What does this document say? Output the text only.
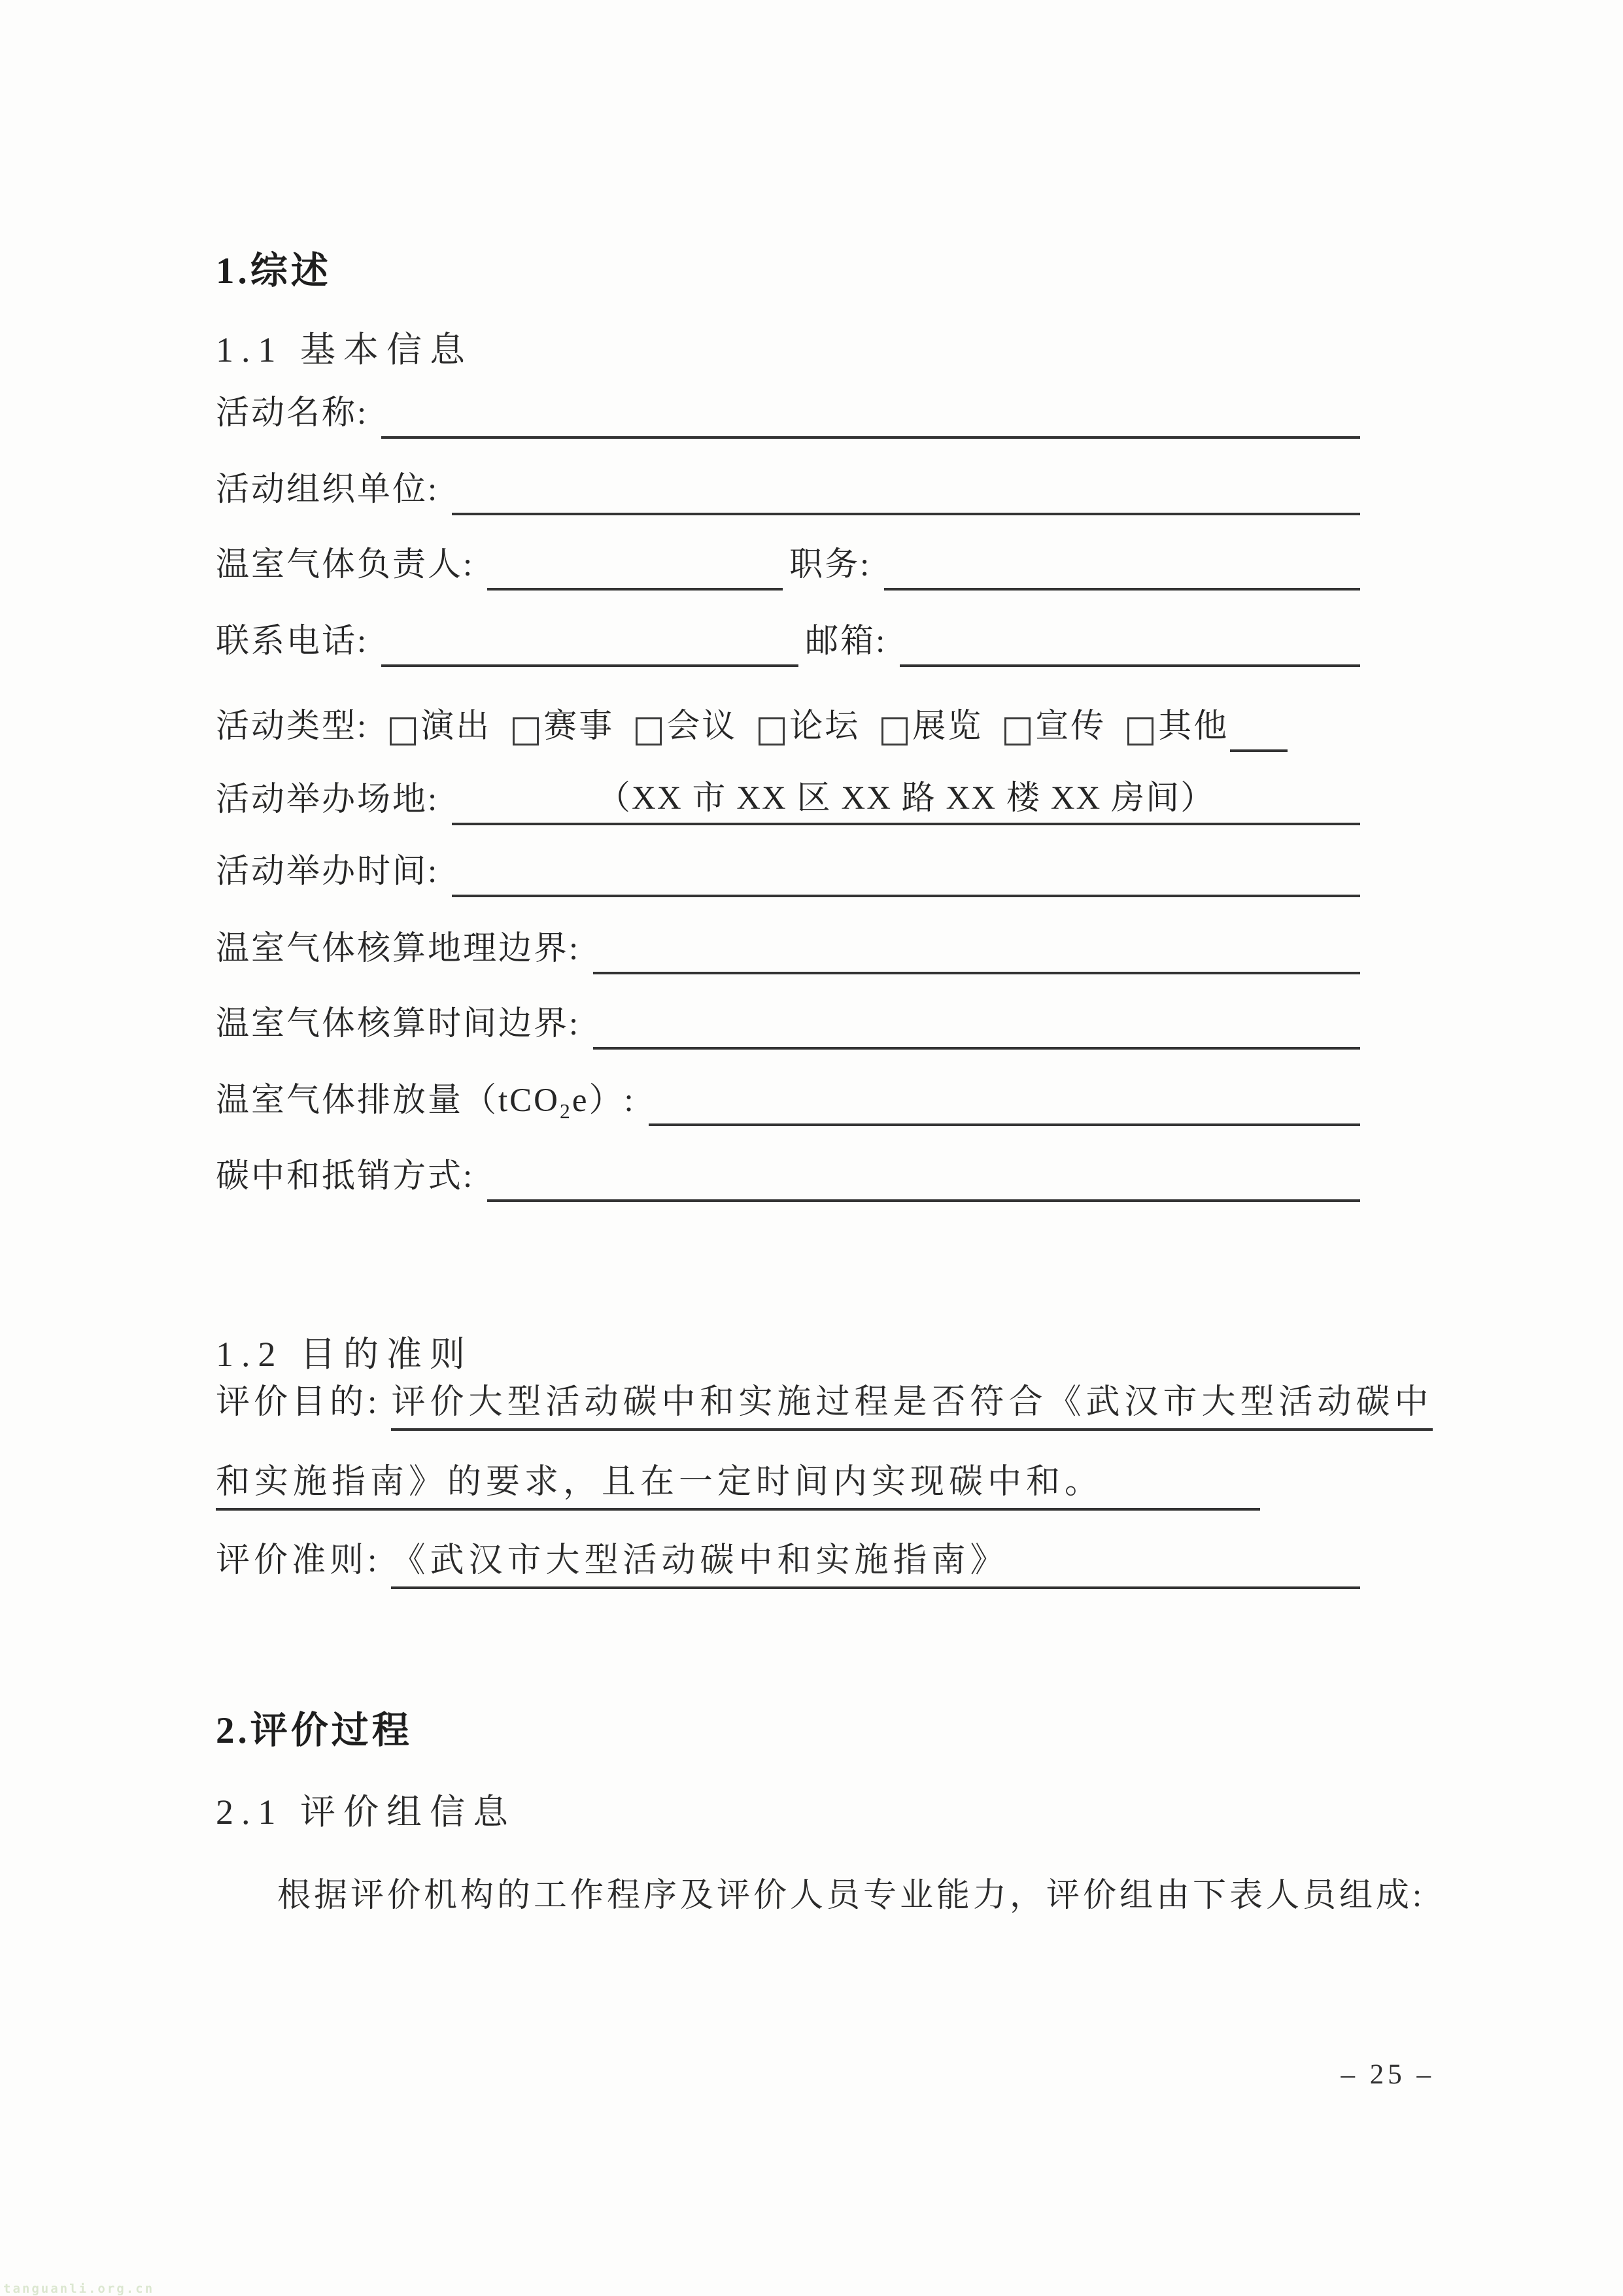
1.综述
1.1 基本信息
活动名称:
活动组织单位:
温室气体负责人:	职务:
联系电话:	邮箱:
活动类型: 演出 赛事 会议 论坛 展览 宣传 其他
活动举办场地:	（XX 市 XX 区 XX 路 XX 楼 XX 房间）
活动举办时间:
温室气体核算地理边界:
温室气体核算时间边界:
温室气体排放量（tCO$_2$e）:
碳中和抵销方式:
1.2 目的准则
评价目的: 评价大型活动碳中和实施过程是否符合《武汉市大型活动碳中
和实施指南》的要求，且在一定时间内实现碳中和。
评价准则: 《武汉市大型活动碳中和实施指南》
2.评价过程
2.1 评价组信息
根据评价机构的工作程序及评价人员专业能力，评价组由下表人员组成:
– 25 –
tanguanli.org.cn
